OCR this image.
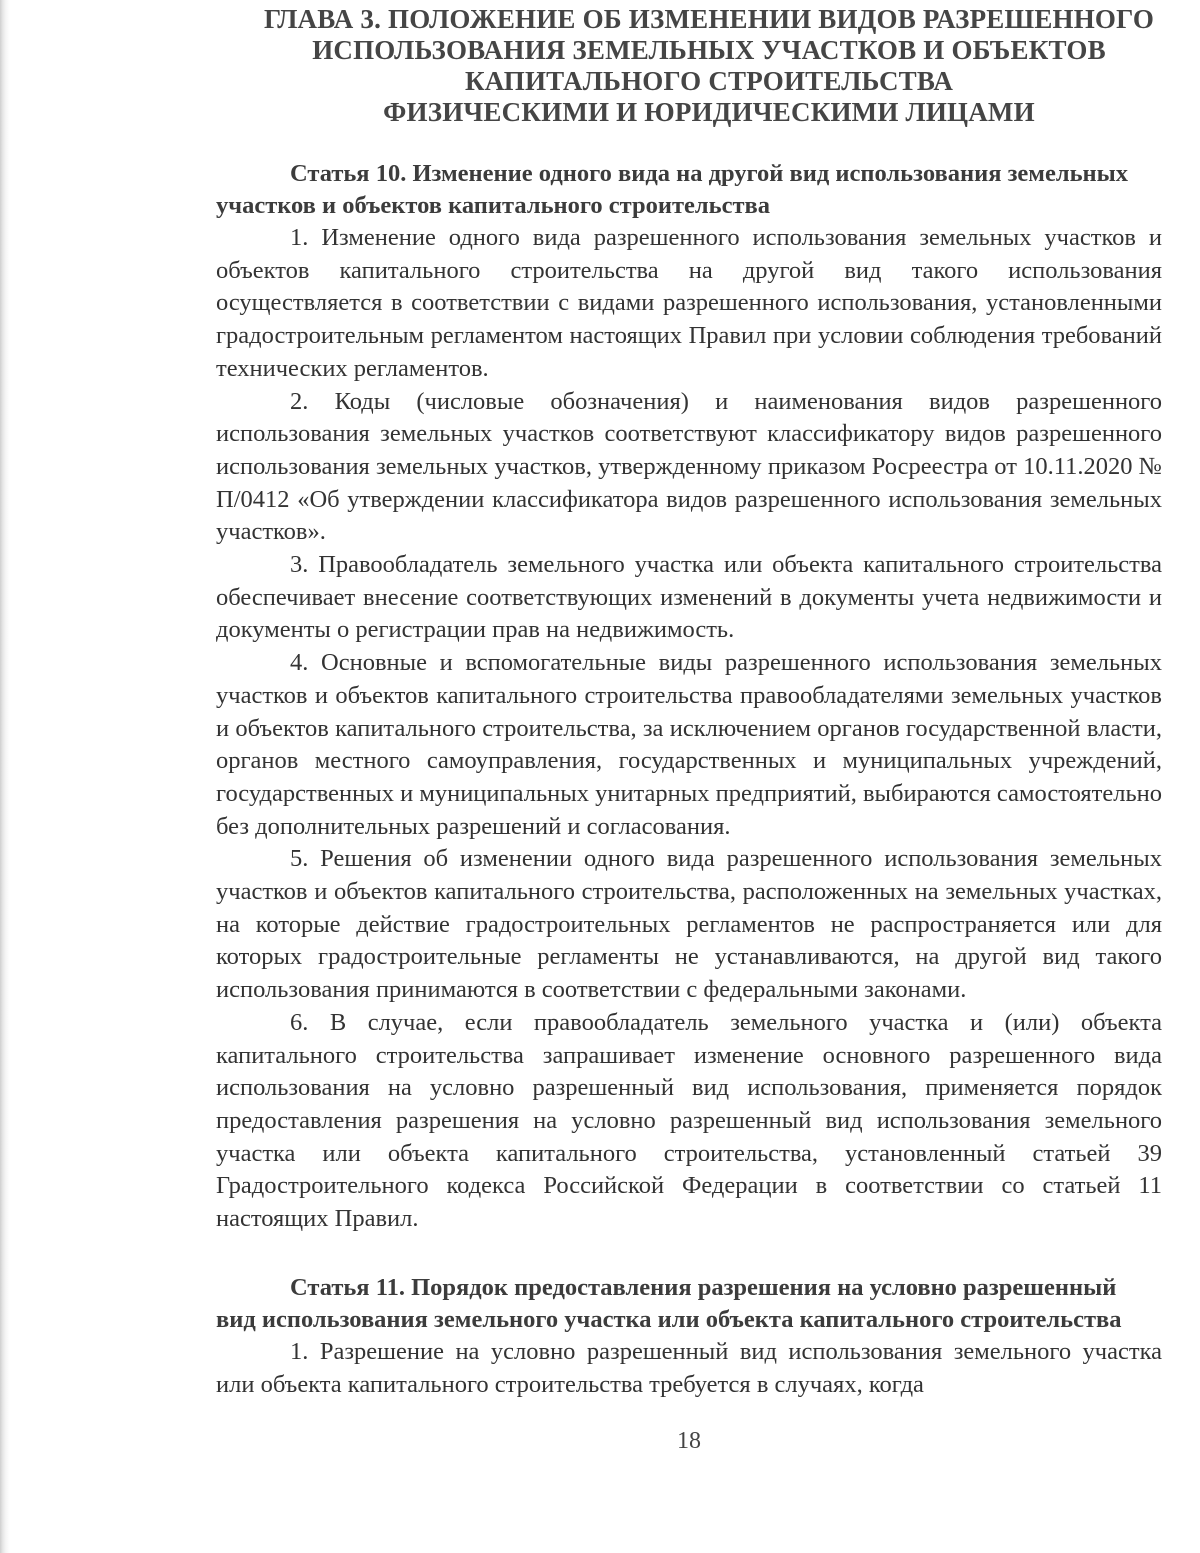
ГЛАВА 3. ПОЛОЖЕНИЕ ОБ ИЗМЕНЕНИИ ВИДОВ РАЗРЕШЕННОГО
ИСПОЛЬЗОВАНИЯ ЗЕМЕЛЬНЫХ УЧАСТКОВ И ОБЪЕКТОВ
КАПИТАЛЬНОГО СТРОИТЕЛЬСТВА
ФИЗИЧЕСКИМИ И ЮРИДИЧЕСКИМИ ЛИЦАМИ
Статья 10. Изменение одного вида на другой вид использования земельных участков и объектов капитального строительства

1. Изменение одного вида разрешенного использования земельных участков и объектов капитального строительства на другой вид такого использования осуществляется в соответствии с видами разрешенного использования, установленными градостроительным регламентом настоящих Правил при условии соблюдения требований технических регламентов.

2. Коды (числовые обозначения) и наименования видов разрешенного использования земельных участков соответствуют классификатору видов разрешенного использования земельных участков, утвержденному приказом Росреестра от 10.11.2020 № П/0412 «Об утверждении классификатора видов разрешенного использования земельных участков».

3. Правообладатель земельного участка или объекта капитального строительства обеспечивает внесение соответствующих изменений в документы учета недвижимости и документы о регистрации прав на недвижимость.

4. Основные и вспомогательные виды разрешенного использования земельных участков и объектов капитального строительства правообладателями земельных участков и объектов капитального строительства, за исключением органов государственной власти, органов местного самоуправления, государственных и муниципальных учреждений, государственных и муниципальных унитарных предприятий, выбираются самостоятельно без дополнительных разрешений и согласования.

5. Решения об изменении одного вида разрешенного использования земельных участков и объектов капитального строительства, расположенных на земельных участках, на которые действие градостроительных регламентов не распространяется или для которых градостроительные регламенты не устанавливаются, на другой вид такого использования принимаются в соответствии с федеральными законами.

6. В случае, если правообладатель земельного участка и (или) объекта капитального строительства запрашивает изменение основного разрешенного вида использования на условно разрешенный вид использования, применяется порядок предоставления разрешения на условно разрешенный вид использования земельного участка или объекта капитального строительства, установленный статьей 39 Градостроительного кодекса Российской Федерации в соответствии со статьей 11 настоящих Правил.

Статья 11. Порядок предоставления разрешения на условно разрешенный вид использования земельного участка или объекта капитального строительства

1. Разрешение на условно разрешенный вид использования земельного участка или объекта капитального строительства требуется в случаях, когда

18
